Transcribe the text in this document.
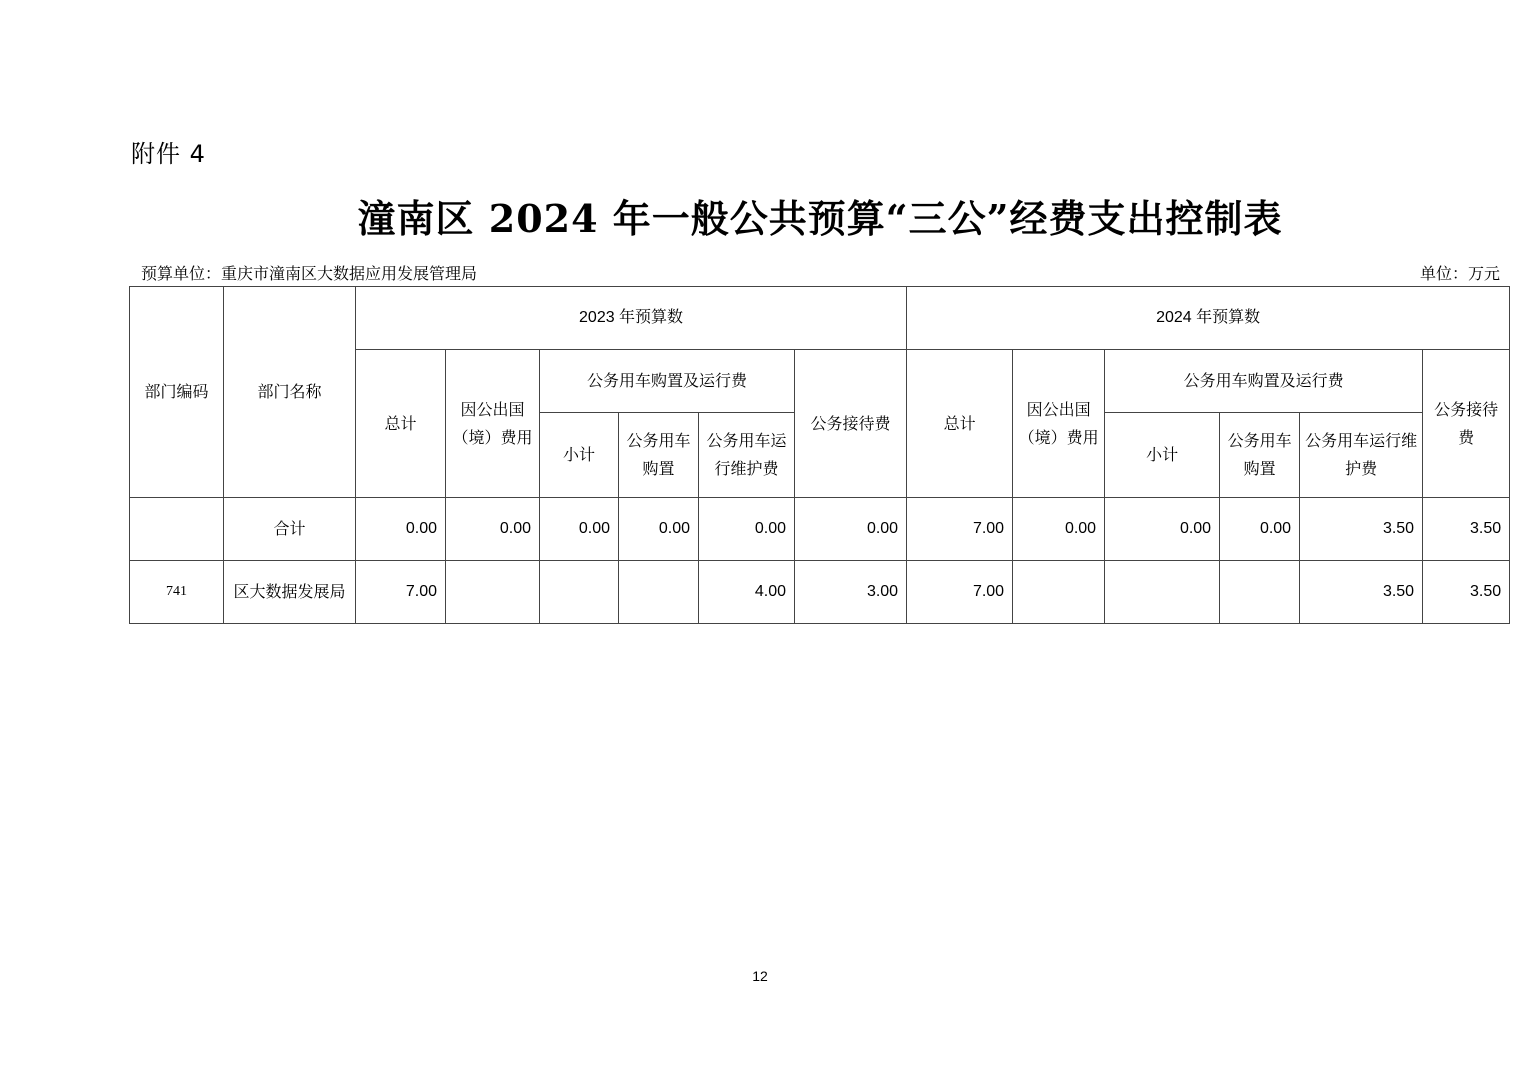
附件 4
潼南区 2024 年一般公共预算“三公”经费支出控制表
预算单位：重庆市潼南区大数据应用发展管理局	单位：万元
部门编码	部门名称	2023 年预算数						2024 年预算数					
		总计	因公出国（境）费用	公务用车购置及运行费			公务接待费	总计	因公出国（境）费用	公务用车购置及运行费			公务接待费
				小计	公务用车购置	公务用车运行维护费				小计	公务用车购置	公务用车运行维护费	
	合计	0.00	0.00	0.00	0.00	0.00	0.00	7.00	0.00	0.00	0.00	3.50	3.50
741	区大数据发展局	7.00				4.00	3.00	7.00				3.50	3.50
12
